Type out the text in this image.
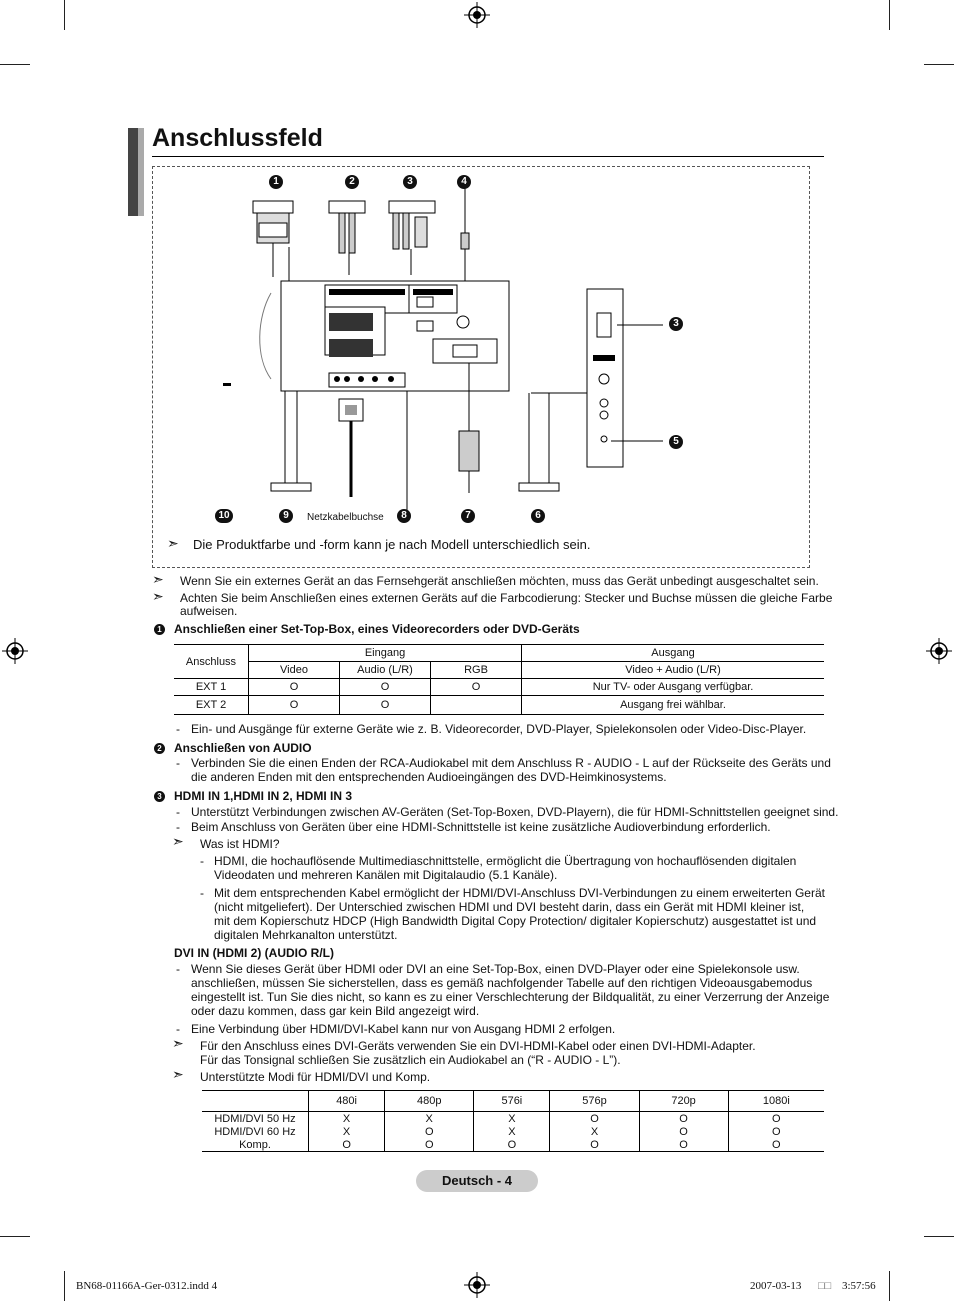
Anschlussfeld
1	2	3	4
3
5
10	9	8	7	6
Netzkabelbuchse
➣ Die Produktfarbe und -form kann je nach Modell unterschiedlich sein.
➣ Wenn Sie ein externes Gerät an das Fernsehgerät anschließen möchten, muss das Gerät unbedingt ausgeschaltet sein.
➣ Achten Sie beim Anschließen eines externen Geräts auf die Farbcodierung: Stecker und Buchse müssen die gleiche Farbe
aufweisen.
1 Anschließen einer Set-Top-Box, eines Videorecorders oder DVD-Geräts
Anschluss	Eingang			Ausgang
	Video	Audio (L/R)	RGB	Video + Audio (L/R)
EXT 1	O	O	O	Nur TV- oder Ausgang verfügbar.
EXT 2	O	O		Ausgang frei wählbar.
- Ein- und Ausgänge für externe Geräte wie z. B. Videorecorder, DVD-Player, Spielekonsolen oder Video-Disc-Player.
2 Anschließen von AUDIO
- Verbinden Sie die einen Enden der RCA-Audiokabel mit dem Anschluss R - AUDIO - L auf der Rückseite des Geräts und
die anderen Enden mit den entsprechenden Audioeingängen des DVD-Heimkinosystems.
3 HDMI IN 1,HDMI IN 2, HDMI IN 3
- Unterstützt Verbindungen zwischen AV-Geräten (Set-Top-Boxen, DVD-Playern), die für HDMI-Schnittstellen geeignet sind.
- Beim Anschluss von Geräten über eine HDMI-Schnittstelle ist keine zusätzliche Audioverbindung erforderlich.
➣ Was ist HDMI?
- HDMI, die hochauflösende Multimediaschnittstelle, ermöglicht die Übertragung von hochauflösenden digitalen
Videodaten und mehreren Kanälen mit Digitalaudio (5.1 Kanäle).
- Mit dem entsprechenden Kabel ermöglicht der HDMI/DVI-Anschluss DVI-Verbindungen zu einem erweiterten Gerät
(nicht mitgeliefert). Der Unterschied zwischen HDMI und DVI besteht darin, dass ein Gerät mit HDMI kleiner ist,
mit dem Kopierschutz HDCP (High Bandwidth Digital Copy Protection/ digitaler Kopierschutz) ausgestattet ist und
digitalen Mehrkanalton unterstützt.
DVI IN (HDMI 2) (AUDIO R/L)
- Wenn Sie dieses Gerät über HDMI oder DVI an eine Set-Top-Box, einen DVD-Player oder eine Spielekonsole usw.
anschließen, müssen Sie sicherstellen, dass es gemäß nachfolgender Tabelle auf den richtigen Videoausgabemodus
eingestellt ist. Tun Sie dies nicht, so kann es zu einer Verschlechterung der Bildqualität, zu einer Verzerrung der Anzeige
oder dazu kommen, dass gar kein Bild angezeigt wird.
- Eine Verbindung über HDMI/DVI-Kabel kann nur von Ausgang HDMI 2 erfolgen.
➣ Für den Anschluss eines DVI-Geräts verwenden Sie ein DVI-HDMI-Kabel oder einen DVI-HDMI-Adapter.
Für das Tonsignal schließen Sie zusätzlich ein Audiokabel an (“R - AUDIO - L”).
➣ Unterstützte Modi für HDMI/DVI und Komp.
	480i	480p	576i	576p	720p	1080i
HDMI/DVI 50 Hz	X	X	X	O	O	O
HDMI/DVI 60 Hz	X	O	X	X	O	O
Komp.	O	O	O	O	O	O
Deutsch - 4
BN68-01166A-Ger-0312.indd 4	2007-03-13 □□ 3:57:56
